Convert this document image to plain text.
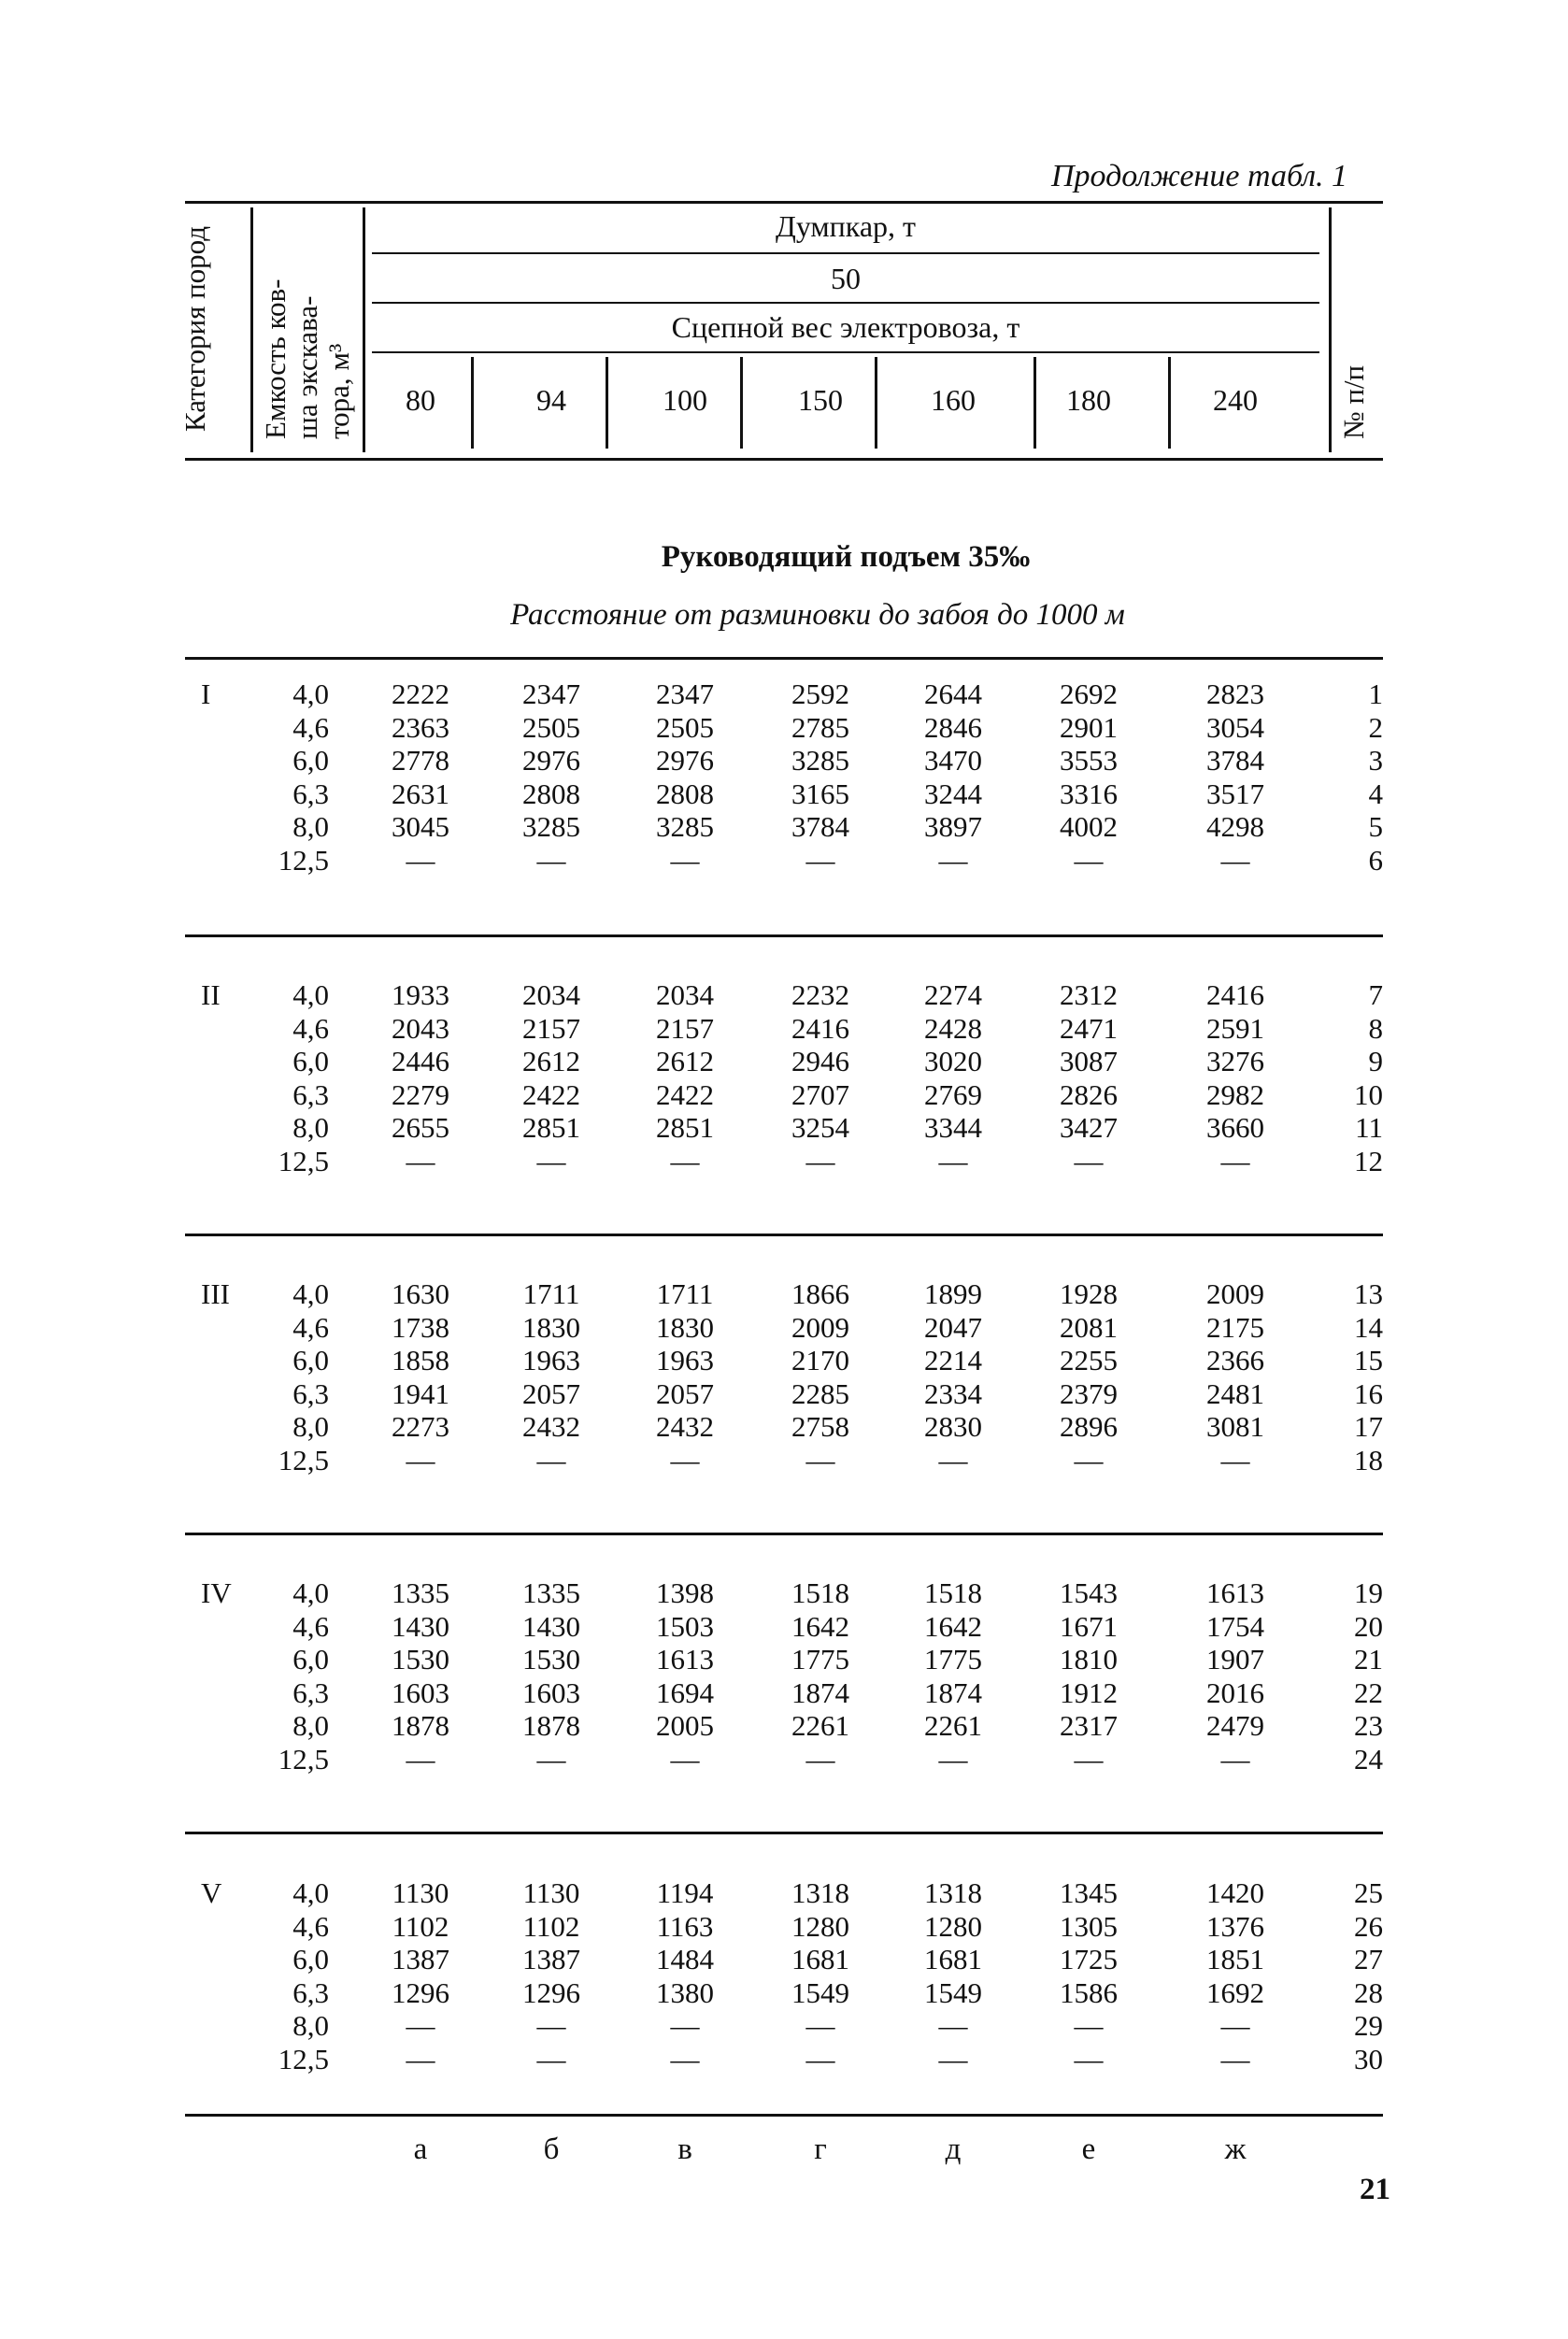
Продолжение табл. 1
Категория пород Емкость ков- ша экскава- тора, м³	№ п/п
Думпкар, т
50
Сцепной вес электровоза, т
80	94	100	150	160	180	240
Руководящий подъем 35‰
Расстояние от разминовки до забоя до 1000 м
I	4,0	2222	2347	2347	2592	2644	2692	2823	1
4,6	2363	2505	2505	2785	2846	2901	3054	2
6,0	2778	2976	2976	3285	3470	3553	3784	3
6,3	2631	2808	2808	3165	3244	3316	3517	4
8,0	3045	3285	3285	3784	3897	4002	4298	5
12,5	—	—	—	—	—	—	—	6
II	4,0	1933	2034	2034	2232	2274	2312	2416	7
4,6	2043	2157	2157	2416	2428	2471	2591	8
6,0	2446	2612	2612	2946	3020	3087	3276	9
6,3	2279	2422	2422	2707	2769	2826	2982	10
8,0	2655	2851	2851	3254	3344	3427	3660	11
12,5	—	—	—	—	—	—	—	12
III	4,0	1630	1711	1711	1866	1899	1928	2009	13
4,6	1738	1830	1830	2009	2047	2081	2175	14
6,0	1858	1963	1963	2170	2214	2255	2366	15
6,3	1941	2057	2057	2285	2334	2379	2481	16
8,0	2273	2432	2432	2758	2830	2896	3081	17
12,5	—	—	—	—	—	—	—	18
IV	4,0	1335	1335	1398	1518	1518	1543	1613	19
4,6	1430	1430	1503	1642	1642	1671	1754	20
6,0	1530	1530	1613	1775	1775	1810	1907	21
6,3	1603	1603	1694	1874	1874	1912	2016	22
8,0	1878	1878	2005	2261	2261	2317	2479	23
12,5	—	—	—	—	—	—	—	24
V	4,0	1130	1130	1194	1318	1318	1345	1420	25
4,6	1102	1102	1163	1280	1280	1305	1376	26
6,0	1387	1387	1484	1681	1681	1725	1851	27
6,3	1296	1296	1380	1549	1549	1586	1692	28
8,0	—	—	—	—	—	—	—	29
12,5	—	—	—	—	—	—	—	30
а	б	в	г	д	е	ж
21
